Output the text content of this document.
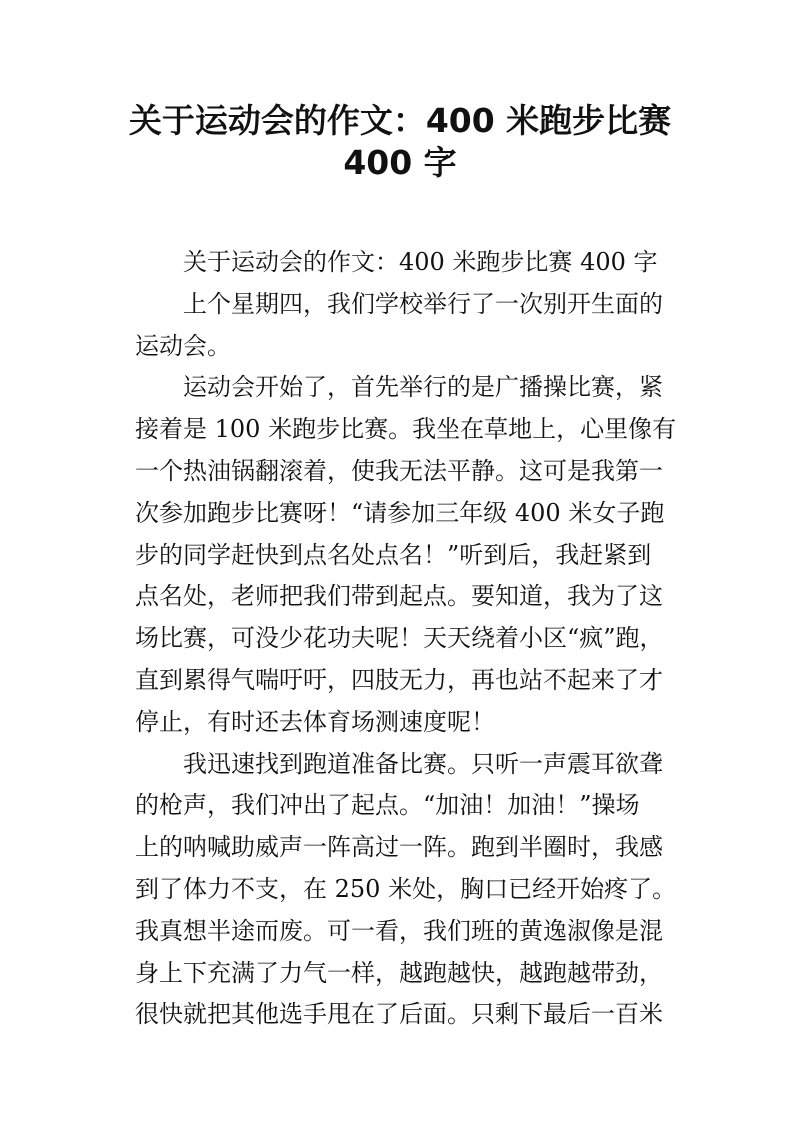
关于运动会的作文：400 米跑步比赛
400 字
关于运动会的作文：400 米跑步比赛 400 字
上个星期四，我们学校举行了一次别开生面的
运动会。
运动会开始了，首先举行的是广播操比赛，紧
接着是 100 米跑步比赛。我坐在草地上，心里像有
一个热油锅翻滚着，使我无法平静。这可是我第一
次参加跑步比赛呀！“请参加三年级 400 米女子跑
步的同学赶快到点名处点名！”听到后，我赶紧到
点名处，老师把我们带到起点。要知道，我为了这
场比赛，可没少花功夫呢！天天绕着小区“疯”跑，
直到累得气喘吁吁，四肢无力，再也站不起来了才
停止，有时还去体育场测速度呢！
我迅速找到跑道准备比赛。只听一声震耳欲聋
的枪声，我们冲出了起点。“加油！加油！”操场
上的呐喊助威声一阵高过一阵。跑到半圈时，我感
到了体力不支，在 250 米处，胸口已经开始疼了。
我真想半途而废。可一看，我们班的黄逸淑像是混
身上下充满了力气一样，越跑越快，越跑越带劲，
很快就把其他选手甩在了后面。只剩下最后一百米
